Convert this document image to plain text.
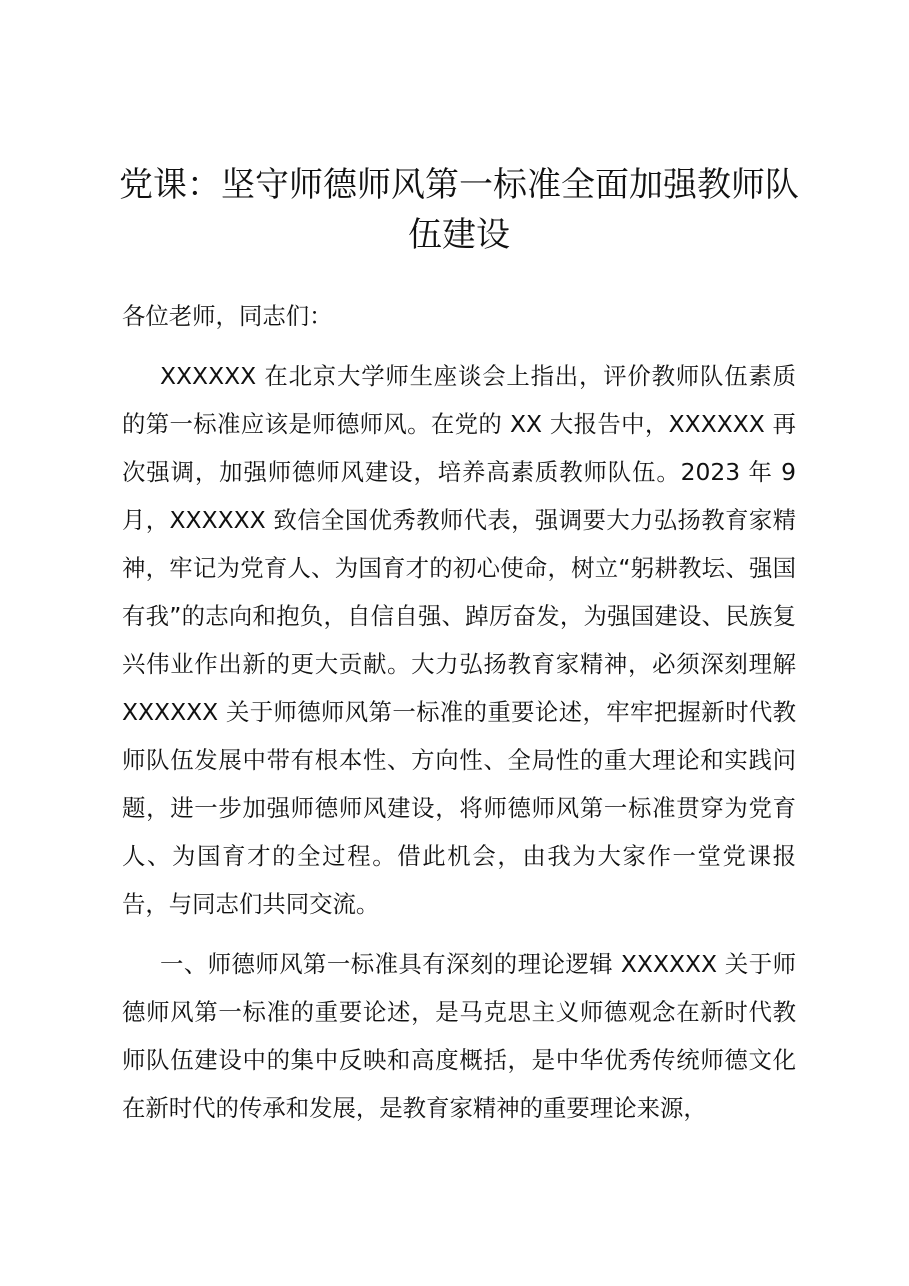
党课：坚守师德师风第一标准全面加强教师队伍建设

各位老师，同志们：

XXXXXX 在北京大学师生座谈会上指出，评价教师队伍素质的第一标准应该是师德师风。在党的 XX 大报告中，XXXXXX 再次强调，加强师德师风建设，培养高素质教师队伍。2023 年 9 月，XXXXXX 致信全国优秀教师代表，强调要大力弘扬教育家精神，牢记为党育人、为国育才的初心使命，树立“躬耕教坛、强国有我”的志向和抱负，自信自强、踔厉奋发，为强国建设、民族复兴伟业作出新的更大贡献。大力弘扬教育家精神，必须深刻理解 XXXXXX 关于师德师风第一标准的重要论述，牢牢把握新时代教师队伍发展中带有根本性、方向性、全局性的重大理论和实践问题，进一步加强师德师风建设，将师德师风第一标准贯穿为党育人、为国育才的全过程。借此机会，由我为大家作一堂党课报告，与同志们共同交流。

一、师德师风第一标准具有深刻的理论逻辑 XXXXXX 关于师德师风第一标准的重要论述，是马克思主义师德观念在新时代教师队伍建设中的集中反映和高度概括，是中华优秀传统师德文化在新时代的传承和发展，是教育家精神的重要理论来源，
